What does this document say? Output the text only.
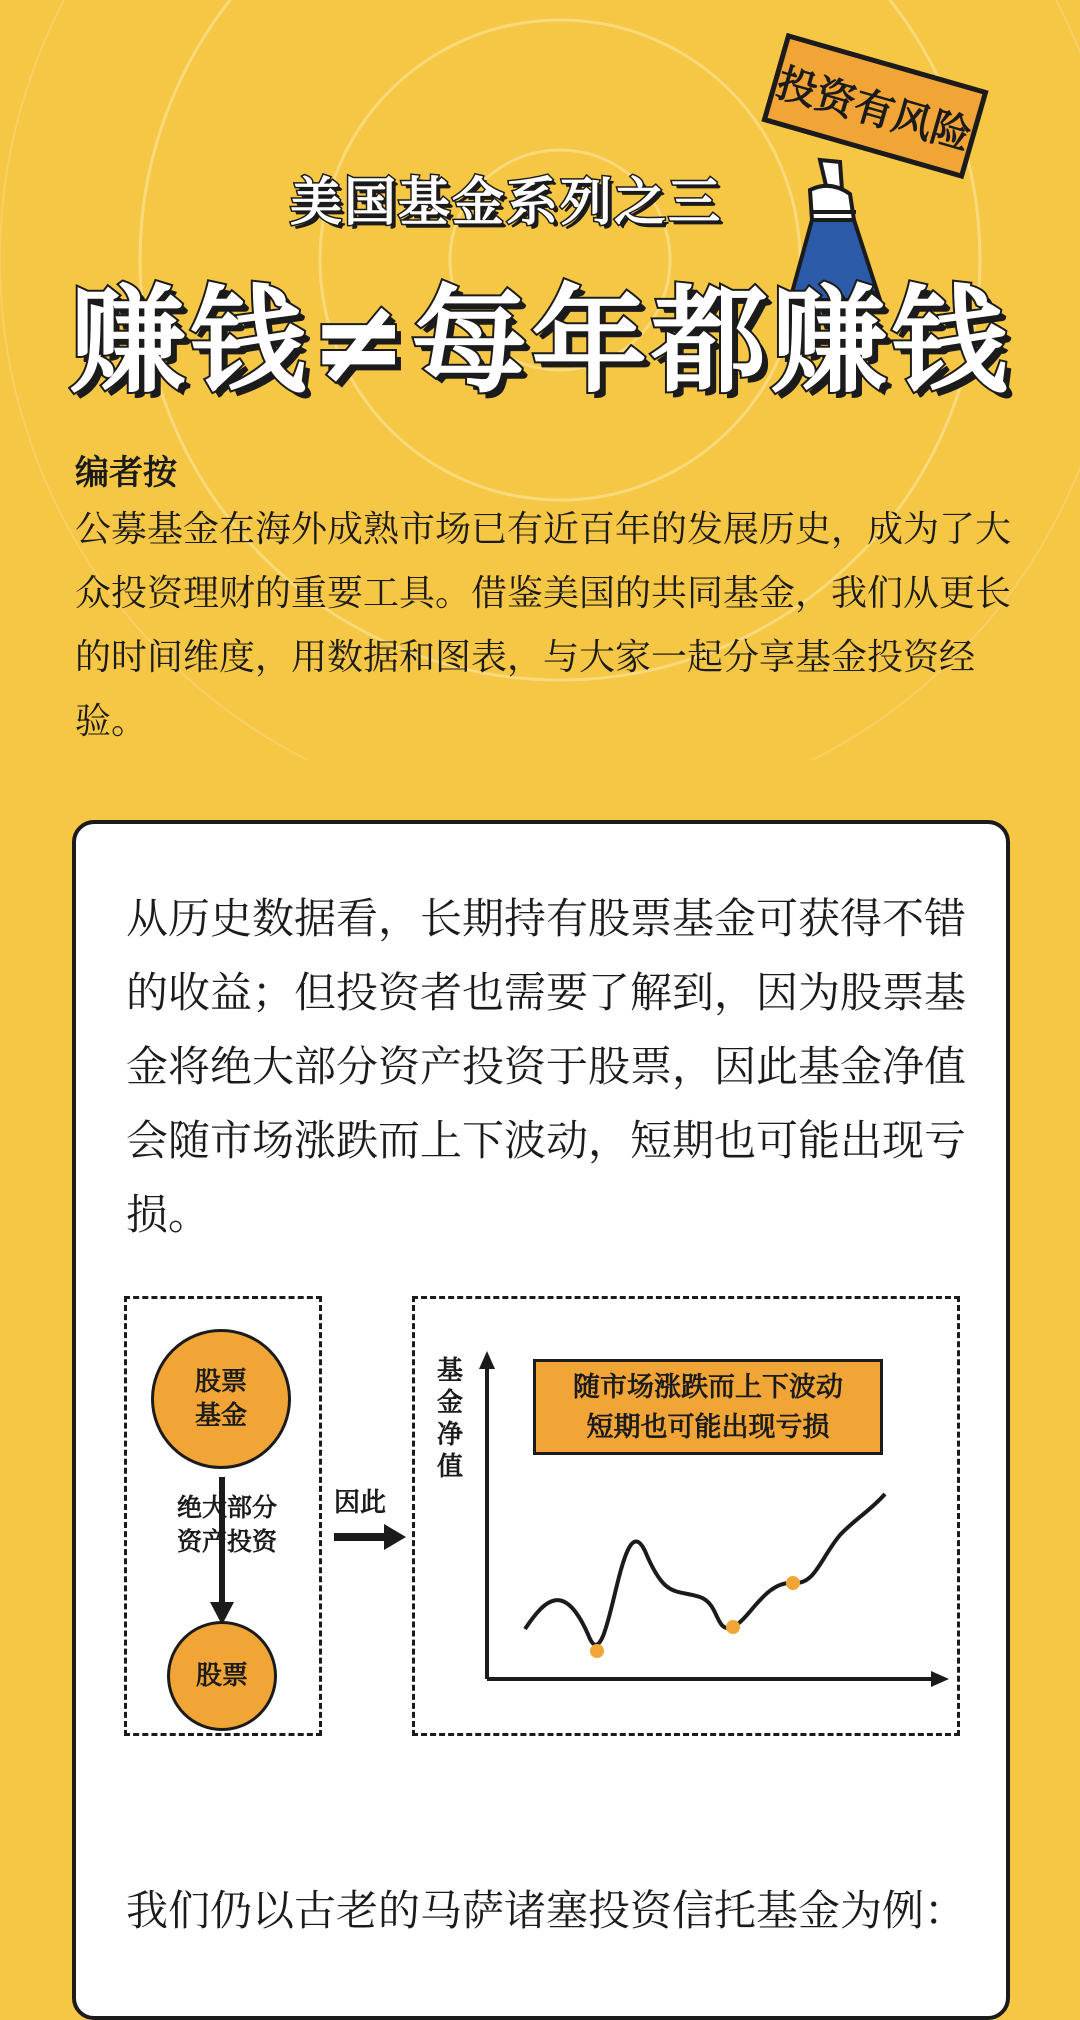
投资有风险
美国基金系列之三
赚钱≠每年都赚钱
编者按
公募基金在海外成熟市场已有近百年的发展历史，成为了大众投资理财的重要工具。借鉴美国的共同基金，我们从更长的时间维度，用数据和图表，与大家一起分享基金投资经验。
从历史数据看，长期持有股票基金可获得不错的收益；但投资者也需要了解到，因为股票基金将绝大部分资产投资于股票，因此基金净值会随市场涨跌而上下波动，短期也可能出现亏损。
股票
基金
绝大部分
资产投资
股票
因此
基金净值
随市场涨跌而上下波动
短期也可能出现亏损
我们仍以古老的马萨诸塞投资信托基金为例：
